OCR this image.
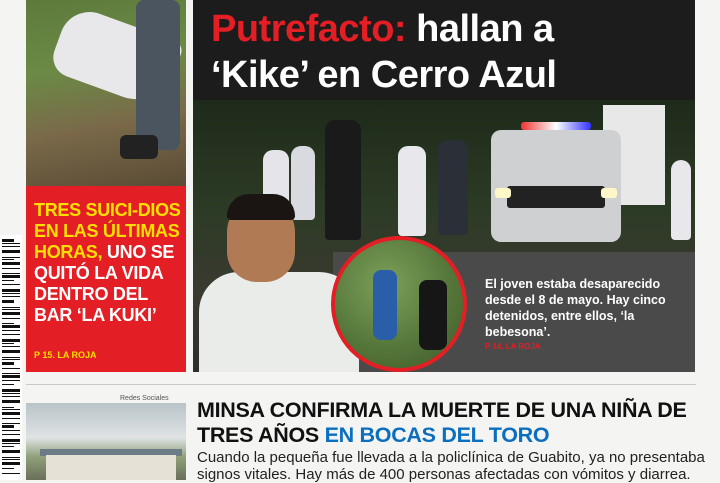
TRES SUICI-DIOS EN LAS ÚLTIMAS HORAS, UNO SE QUITÓ LA VIDA DENTRO DEL BAR ‘LA KUKI’
P 15. LA ROJA
Putrefacto: hallan a
‘Kike’ en Cerro Azul
El joven estaba desaparecido desde el 8 de mayo. Hay cinco detenidos, entre ellos, ‘la bebesona’.
P 14. LA ROJA
Redes Sociales MINSA CONFIRMA LA MUERTE DE UNA NIÑA DE TRES AÑOS EN BOCAS DEL TORO
Cuando la pequeña fue llevada a la policlínica de Guabito, ya no presentaba signos vitales. Hay más de 400 personas afectadas con vómitos y diarrea.
